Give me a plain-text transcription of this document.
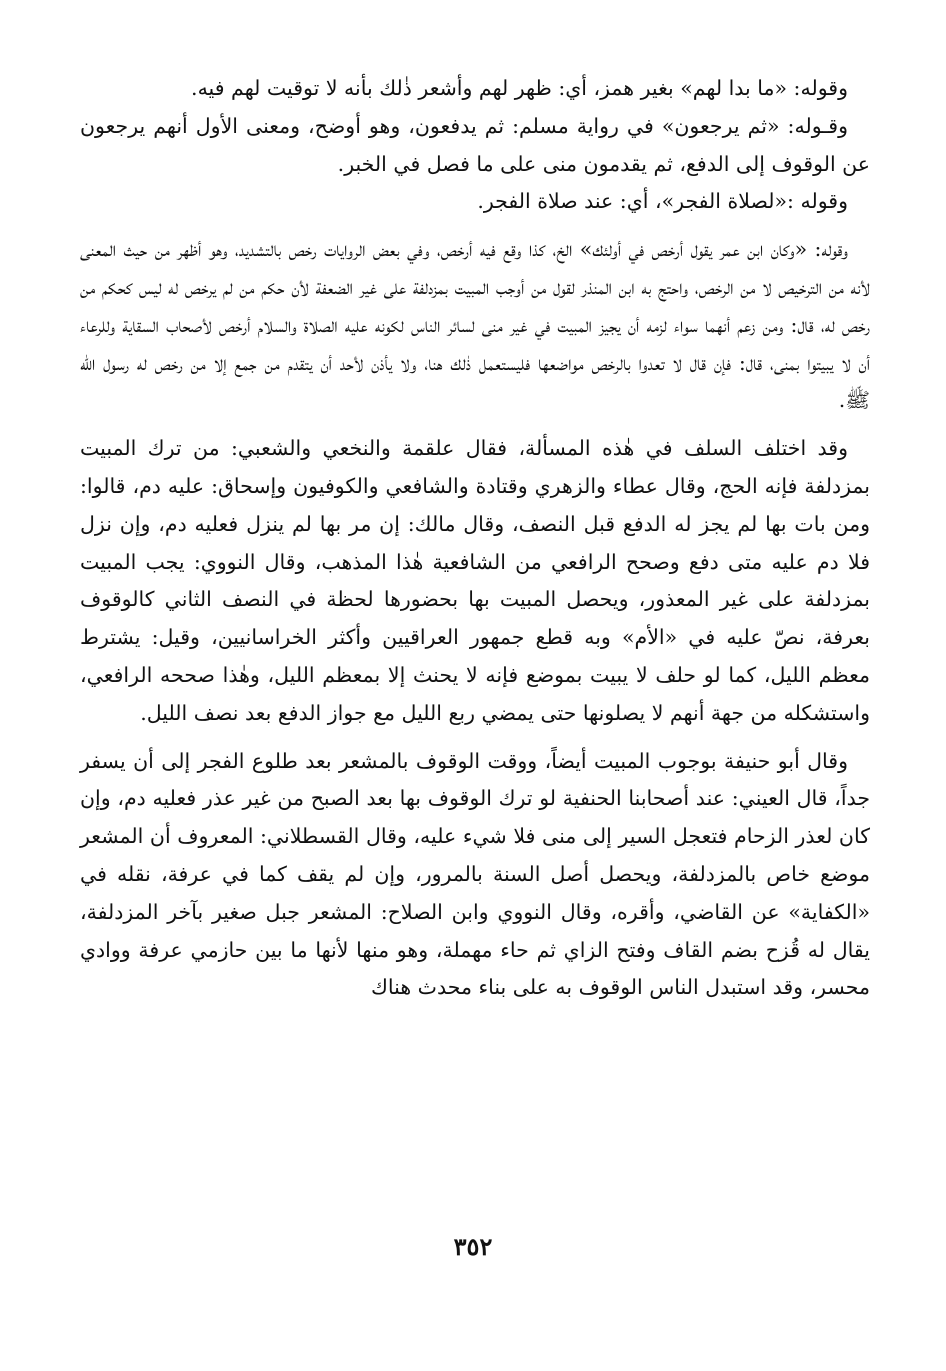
وقوله: «ما بدا لهم» بغير همز، أي: ظهر لهم وأشعر ذٰلك بأنه لا توقيت لهم فيه.

وقـوله: «ثم يرجعون» في رواية مسلم: ثم يدفعون، وهو أوضح، ومعنى الأول أنهم يرجعون عن الوقوف إلى الدفع، ثم يقدمون منى على ما فصل في الخبر.

وقوله :«لصلاة الفجر»، أي: عند صلاة الفجر.

وقوله: «وكان ابن عمر يقول أرخص في أولئك» الخ، كذا وقع فيه أرخص، وفي بعض الروايات رخص بالتشديد، وهو أظهر من حيث المعنى لأنه من الترخيص لا من الرخص، واحتج به ابن المنذر لقول من أوجب المبيت بمزدلفة على غير الضعفة لأن حكم من لم يرخص له ليس كحكم من رخص له، قال: ومن زعم أنهما سواء لزمه أن يجيز المبيت في غير منى لسائر الناس لكونه عليه الصلاة والسلام أرخص لأصحاب السقاية وللرعاء أن لا يبيتوا بمنى، قال: فإن قال لا تعدوا بالرخص مواضعها فليستعمل ذٰلك هنا، ولا يأذن لأحد أن يتقدم من جمع إلا من رخص له رسول الله ﷺ.

وقد اختلف السلف في هٰذه المسألة، فقال علقمة والنخعي والشعبي: من ترك المبيت بمزدلفة فإنه الحج، وقال عطاء والزهري وقتادة والشافعي والكوفيون وإسحاق: عليه دم، قالوا: ومن بات بها لم يجز له الدفع قبل النصف، وقال مالك: إن مر بها لم ينزل فعليه دم، وإن نزل فلا دم عليه متى دفع وصحح الرافعي من الشافعية هٰذا المذهب، وقال النووي: يجب المبيت بمزدلفة على غير المعذور، ويحصل المبيت بها بحضورها لحظة في النصف الثاني كالوقوف بعرفة، نصّ عليه في «الأم» وبه قطع جمهور العراقيين وأكثر الخراسانيين، وقيل: يشترط معظم الليل، كما لو حلف لا يبيت بموضع فإنه لا يحنث إلا بمعظم الليل، وهٰذا صححه الرافعي، واستشكله من جهة أنهم لا يصلونها حتى يمضي ربع الليل مع جواز الدفع بعد نصف الليل.

وقال أبو حنيفة بوجوب المبيت أيضاً، ووقت الوقوف بالمشعر بعد طلوع الفجر إلى أن يسفر جداً، قال العيني: عند أصحابنا الحنفية لو ترك الوقوف بها بعد الصبح من غير عذر فعليه دم، وإن كان لعذر الزحام فتعجل السير إلى منى فلا شيء عليه، وقال القسطلاني: المعروف أن المشعر موضع خاص بالمزدلفة، ويحصل أصل السنة بالمرور، وإن لم يقف كما في عرفة، نقله في «الكفاية» عن القاضي، وأقره، وقال النووي وابن الصلاح: المشعر جبل صغير بآخر المزدلفة، يقال له قُزح بضم القاف وفتح الزاي ثم حاء مهملة، وهو منها لأنها ما بين حازمي عرفة ووادي محسر، وقد استبدل الناس الوقوف به على بناء محدث هناك

٣٥٢
